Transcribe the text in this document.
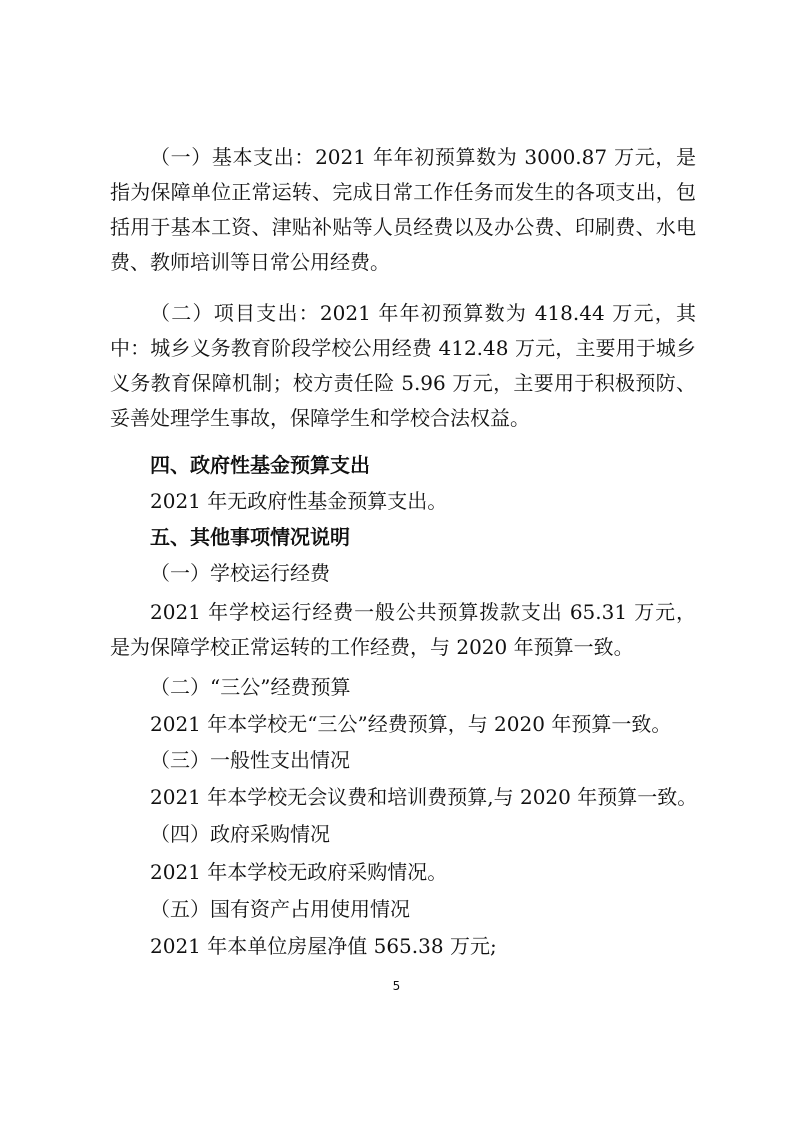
（一）基本支出：2021 年年初预算数为 3000.87 万元，是指为保障单位正常运转、完成日常工作任务而发生的各项支出，包括用于基本工资、津贴补贴等人员经费以及办公费、印刷费、水电费、教师培训等日常公用经费。

（二）项目支出：2021 年年初预算数为 418.44 万元，其中：城乡义务教育阶段学校公用经费 412.48 万元，主要用于城乡义务教育保障机制；校方责任险 5.96 万元，主要用于积极预防、妥善处理学生事故，保障学生和学校合法权益。

四、政府性基金预算支出

2021 年无政府性基金预算支出。

五、其他事项情况说明

（一）学校运行经费

2021 年学校运行经费一般公共预算拨款支出 65.31 万元，是为保障学校正常运转的工作经费，与 2020 年预算一致。

（二）“三公”经费预算

2021 年本学校无“三公”经费预算，与 2020 年预算一致。

（三）一般性支出情况

2021 年本学校无会议费和培训费预算,与 2020 年预算一致。

（四）政府采购情况

2021 年本学校无政府采购情况。

（五）国有资产占用使用情况

2021 年本单位房屋净值 565.38 万元;

5
